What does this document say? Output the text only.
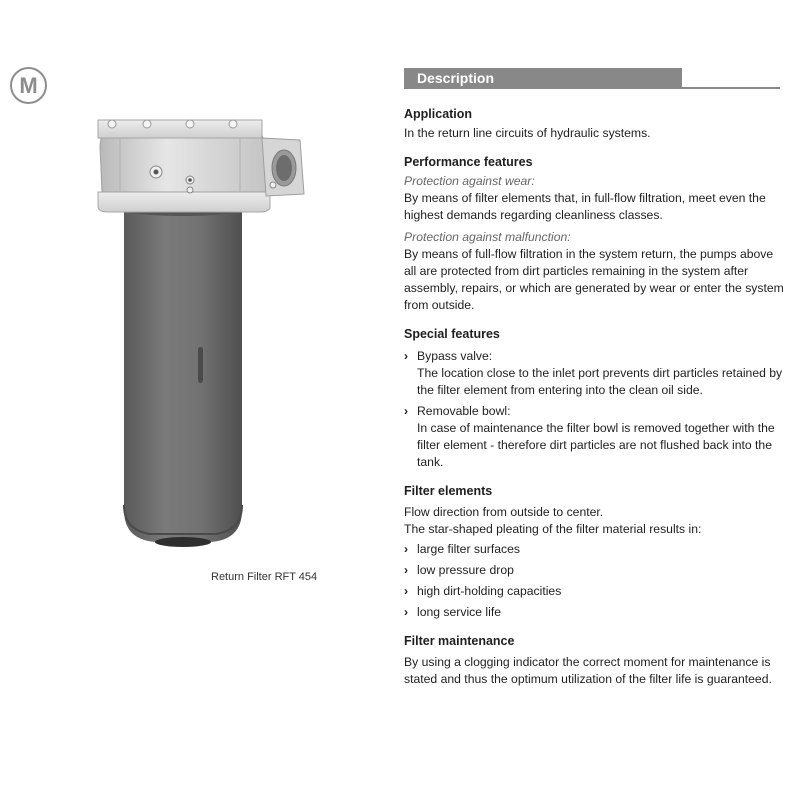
M
Return Filter RFT 454
Description
Application

In the return line circuits of hydraulic systems.

Performance features

Protection against wear:

By means of filter elements that, in full-flow filtration, meet even the highest demands regarding cleanliness classes.

Protection against malfunction:

By means of full-flow filtration in the system return, the pumps above all are protected from dirt particles remaining in the system after assembly, repairs, or which are generated by wear or enter the system from outside.

Special features
› Bypass valve:

The location close to the inlet port prevents dirt particles retained by the filter element from entering into the clean oil side.

› Removable bowl:

In case of maintenance the filter bowl is removed together with the filter element - therefore dirt particles are not flushed back into the tank.

Filter elements

Flow direction from outside to center.

The star-shaped pleating of the filter material results in:

› large filter surfaces
› low pressure drop
› high dirt-holding capacities
› long service life
Filter maintenance

By using a clogging indicator the correct moment for maintenance is stated and thus the optimum utilization of the filter life is guaranteed.
